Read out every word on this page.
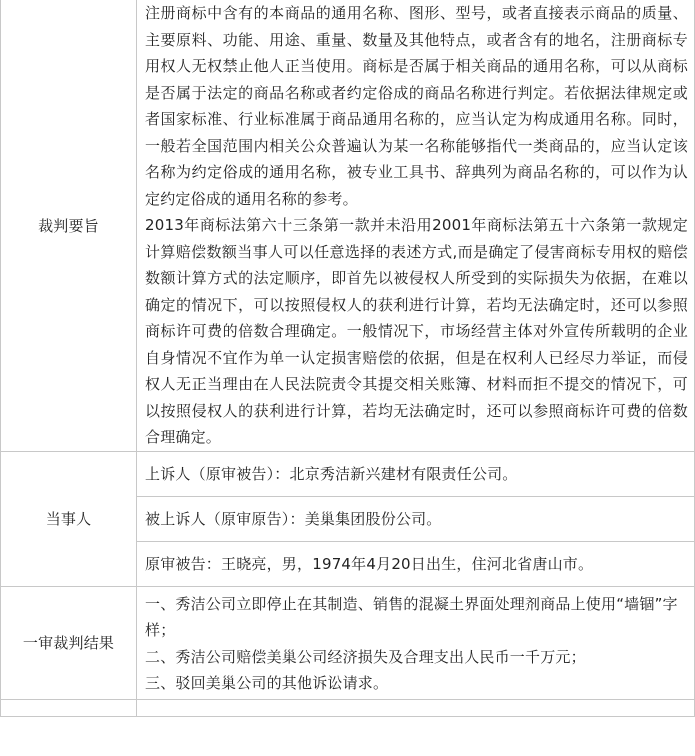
裁判要旨	注册商标中含有的本商品的通用名称、图形、型号，或者直接表示商品的质量、主要原料、功能、用途、重量、数量及其他特点，或者含有的地名，注册商标专用权人无权禁止他人正当使用。商标是否属于相关商品的通用名称，可以从商标是否属于法定的商品名称或者约定俗成的商品名称进行判定。若依据法律规定或者国家标准、行业标准属于商品通用名称的，应当认定为构成通用名称。同时，一般若全国范围内相关公众普遍认为某一名称能够指代一类商品的，应当认定该名称为约定俗成的通用名称，被专业工具书、辞典列为商品名称的，可以作为认定约定俗成的通用名称的参考。

2013年商标法第六十三条第一款并未沿用2001年商标法第五十六条第一款规定计算赔偿数额当事人可以任意选择的表述方式,而是确定了侵害商标专用权的赔偿数额计算方式的法定顺序，即首先以被侵权人所受到的实际损失为依据，在难以确定的情况下，可以按照侵权人的获利进行计算，若均无法确定时，还可以参照商标许可费的倍数合理确定。一般情况下，市场经营主体对外宣传所载明的企业自身情况不宜作为单一认定损害赔偿的依据，但是在权利人已经尽力举证，而侵权人无正当理由在人民法院责令其提交相关账簿、材料而拒不提交的情况下，可以按照侵权人的获利进行计算，若均无法确定时，还可以参照商标许可费的倍数合理确定。

当事人	上诉人（原审被告）：北京秀洁新兴建材有限责任公司。
	被上诉人（原审原告）：美巢集团股份公司。
	原审被告：王晓亮，男，1974年4月20日出生，住河北省唐山市。
一审裁判结果	一、秀洁公司立即停止在其制造、销售的混凝土界面处理剂商品上使用“墙锢”字样；

二、秀洁公司赔偿美巢公司经济损失及合理支出人民币一千万元；

三、驳回美巢公司的其他诉讼请求。
